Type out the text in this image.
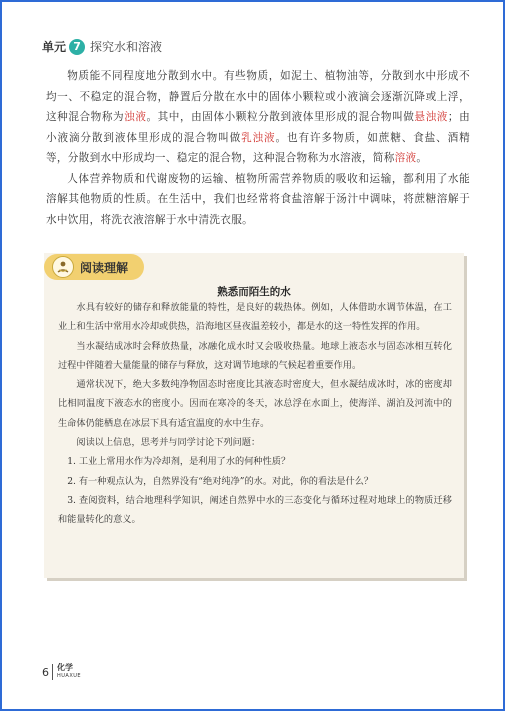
单元 7 探究水和溶液

物质能不同程度地分散到水中。有些物质，如泥土、植物油等，分散到水中形成不均一、不稳定的混合物，静置后分散在水中的固体小颗粒或小液滴会逐渐沉降或上浮，这种混合物称为浊液。其中，由固体小颗粒分散到液体里形成的混合物叫做悬浊液；由小液滴分散到液体里形成的混合物叫做乳浊液。也有许多物质，如蔗糖、食盐、酒精等，分散到水中形成均一、稳定的混合物，这种混合物称为水溶液，简称溶液。

人体营养物质和代谢废物的运输、植物所需营养物质的吸收和运输，都利用了水能溶解其他物质的性质。在生活中，我们也经常将食盐溶解于汤汁中调味，将蔗糖溶解于水中饮用，将洗衣液溶解于水中清洗衣服。

阅读理解
熟悉而陌生的水

水具有较好的储存和释放能量的特性，是良好的载热体。例如，人体借助水调节体温，在工业上和生活中常用水冷却或供热，沿海地区昼夜温差较小，都是水的这一特性发挥的作用。

当水凝结成冰时会释放热量，冰融化成水时又会吸收热量。地球上液态水与固态冰相互转化过程中伴随着大量能量的储存与释放，这对调节地球的气候起着重要作用。

通常状况下，绝大多数纯净物固态时密度比其液态时密度大，但水凝结成冰时，冰的密度却比相同温度下液态水的密度小。因而在寒冷的冬天，冰总浮在水面上，使海洋、湖泊及河流中的生命体仍能栖息在冰层下具有适宜温度的水中生存。

阅读以上信息，思考并与同学讨论下列问题：

1. 工业上常用水作为冷却剂，是利用了水的何种性质？

2. 有一种观点认为，自然界没有“绝对纯净”的水。对此，你的看法是什么？

3. 查阅资料，结合地理科学知识，阐述自然界中水的三态变化与循环过程对地球上的物质迁移和能量转化的意义。

6 化学
HUAXUE
